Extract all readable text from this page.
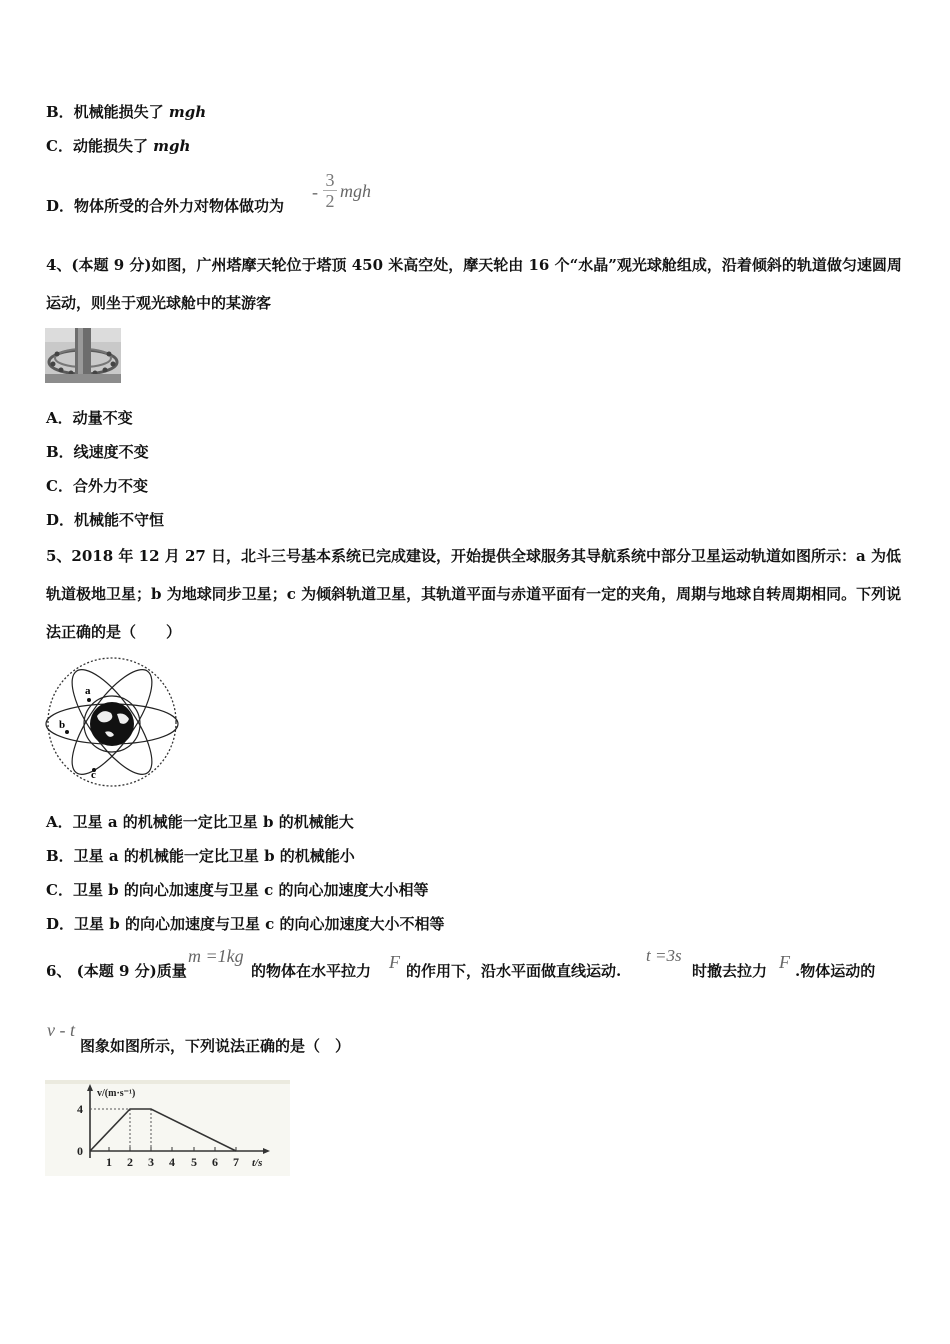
B．机械能损失了 mgh
C．动能损失了 mgh
D．物体所受的合外力对物体做功为
-
3
2 mgh
4、(本题 9 分)如图，广州塔摩天轮位于塔顶 450 米高空处，摩天轮由 16 个“水晶”观光球舱组成，沿着倾斜的轨道做匀速圆周运动，则坐于观光球舱中的某游客
A．动量不变
B．线速度不变
C．合外力不变
D．机械能不守恒
5、2018 年 12 月 27 日，北斗三号基本系统已完成建设，开始提供全球服务其导航系统中部分卫星运动轨道如图所示：a 为低轨道极地卫星；b 为地球同步卫星；c 为倾斜轨道卫星，其轨道平面与赤道平面有一定的夹角，周期与地球自转周期相同。下列说法正确的是（　　）
a
b
c
A．卫星 a 的机械能一定比卫星 b 的机械能大
B．卫星 a 的机械能一定比卫星 b 的机械能小
C．卫星 b 的向心加速度与卫星 c 的向心加速度大小相等
D．卫星 b 的向心加速度与卫星 c 的向心加速度大小不相等
6、 (本题 9 分)质量
m =1kg
的物体在水平拉力 F 的作用下，沿水平面做直线运动.
t =3s
时撤去拉力 F .物体运动的
v - t
图象如图所示，下列说法正确的是（　）
v/(m·s⁻¹)
4
0
1 2 3 4 5 6 7 t/s
